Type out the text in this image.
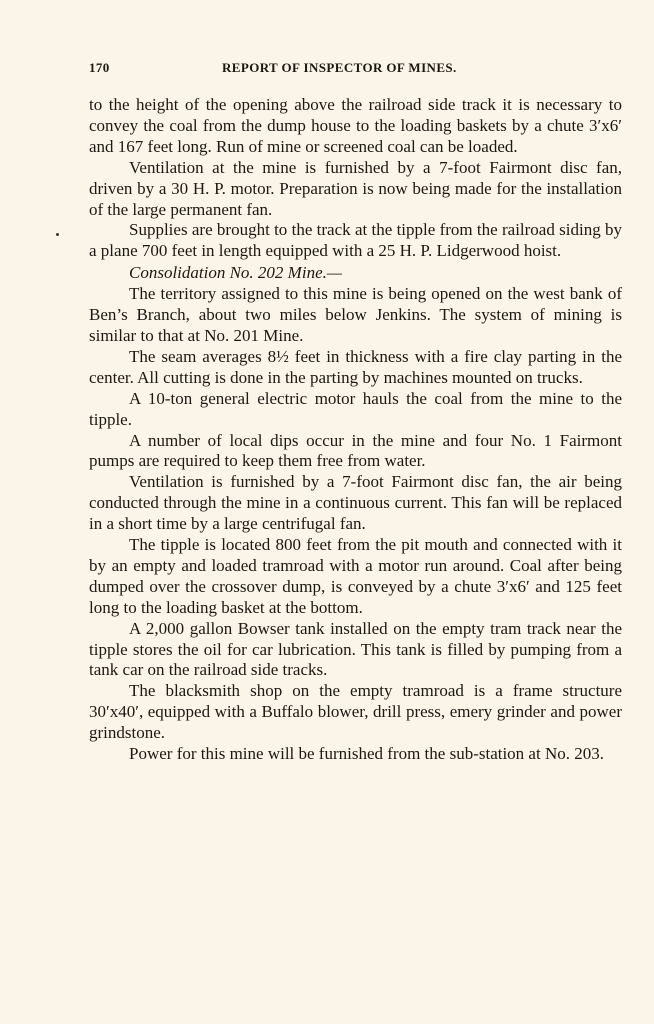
170	REPORT OF INSPECTOR OF MINES.

to the height of the opening above the railroad side track it is necessary to convey the coal from the dump house to the loading baskets by a chute 3′x6′ and 167 feet long. Run of mine or screened coal can be loaded.

Ventilation at the mine is furnished by a 7-foot Fairmont disc fan, driven by a 30 H. P. motor. Preparation is now being made for the installation of the large permanent fan.

Supplies are brought to the track at the tipple from the railroad siding by a plane 700 feet in length equipped with a 25 H. P. Lidgerwood hoist.

Consolidation No. 202 Mine.—

The territory assigned to this mine is being opened on the west bank of Ben’s Branch, about two miles below Jenkins. The system of mining is similar to that at No. 201 Mine.

The seam averages 8½ feet in thickness with a fire clay parting in the center. All cutting is done in the parting by machines mounted on trucks.

A 10-ton general electric motor hauls the coal from the mine to the tipple.

A number of local dips occur in the mine and four No. 1 Fairmont pumps are required to keep them free from water.

Ventilation is furnished by a 7-foot Fairmont disc fan, the air being conducted through the mine in a continuous current. This fan will be replaced in a short time by a large centrifugal fan.

The tipple is located 800 feet from the pit mouth and connected with it by an empty and loaded tramroad with a motor run around. Coal after being dumped over the crossover dump, is conveyed by a chute 3′x6′ and 125 feet long to the loading basket at the bottom.

A 2,000 gallon Bowser tank installed on the empty tram track near the tipple stores the oil for car lubrication. This tank is filled by pumping from a tank car on the railroad side tracks.

The blacksmith shop on the empty tramroad is a frame structure 30′x40′, equipped with a Buffalo blower, drill press, emery grinder and power grindstone.

Power for this mine will be furnished from the sub-station at No. 203.
